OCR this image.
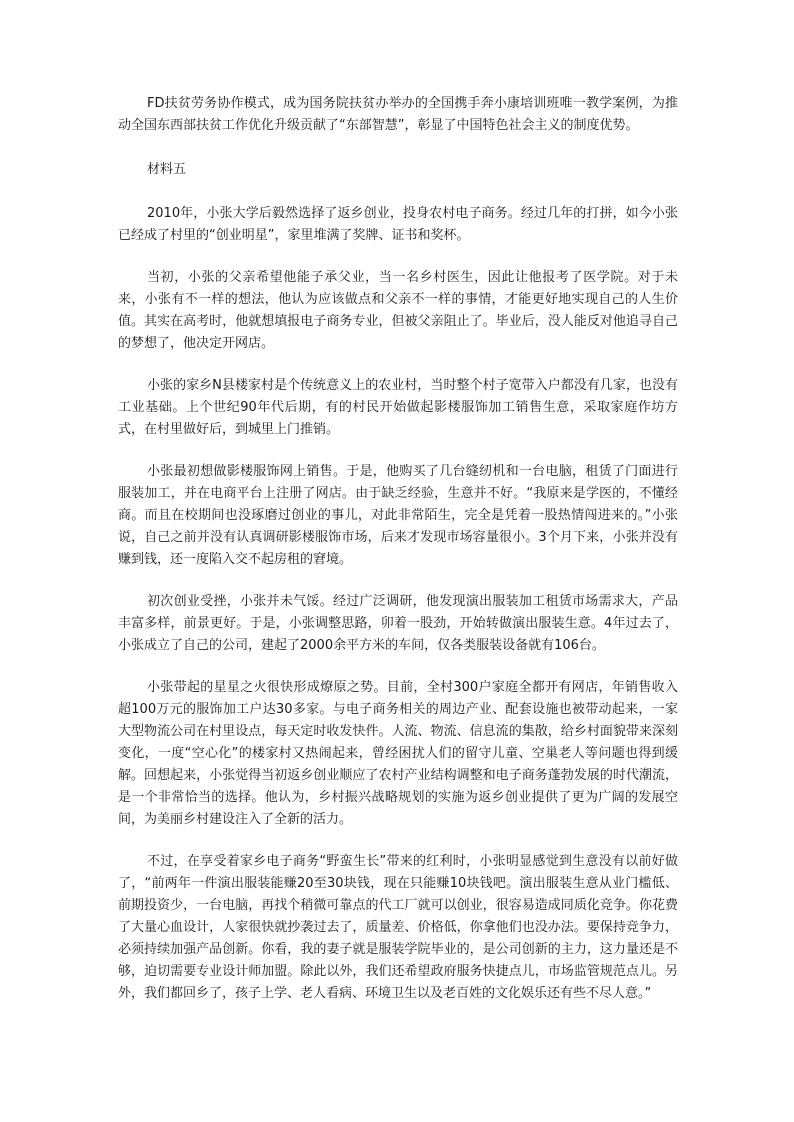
FD扶贫劳务协作模式，成为国务院扶贫办举办的全国携手奔小康培训班唯一教学案例，为推动全国东西部扶贫工作优化升级贡献了“东部智慧”，彰显了中国特色社会主义的制度优势。

材料五

2010年，小张大学后毅然选择了返乡创业，投身农村电子商务。经过几年的打拼，如今小张已经成了村里的“创业明星”，家里堆满了奖牌、证书和奖杯。

当初，小张的父亲希望他能子承父业，当一名乡村医生，因此让他报考了医学院。对于未来，小张有不一样的想法，他认为应该做点和父亲不一样的事情，才能更好地实现自己的人生价值。其实在高考时，他就想填报电子商务专业，但被父亲阻止了。毕业后，没人能反对他追寻自己的梦想了，他决定开网店。

小张的家乡N县楼家村是个传统意义上的农业村，当时整个村子宽带入户都没有几家，也没有工业基础。上个世纪90年代后期，有的村民开始做起影楼服饰加工销售生意，采取家庭作坊方式，在村里做好后，到城里上门推销。

小张最初想做影楼服饰网上销售。于是，他购买了几台缝纫机和一台电脑，租赁了门面进行服装加工，并在电商平台上注册了网店。由于缺乏经验，生意并不好。“我原来是学医的，不懂经商。而且在校期间也没琢磨过创业的事儿，对此非常陌生，完全是凭着一股热情闯进来的。”小张说，自己之前并没有认真调研影楼服饰市场，后来才发现市场容量很小。3个月下来，小张并没有赚到钱，还一度陷入交不起房租的窘境。

初次创业受挫，小张并未气馁。经过广泛调研，他发现演出服装加工租赁市场需求大，产品丰富多样，前景更好。于是，小张调整思路，卯着一股劲，开始转做演出服装生意。4年过去了，小张成立了自己的公司，建起了2000余平方米的车间，仅各类服装设备就有106台。

小张带起的星星之火很快形成燎原之势。目前，全村300户家庭全都开有网店，年销售收入超100万元的服饰加工户达30多家。与电子商务相关的周边产业、配套设施也被带动起来，一家大型物流公司在村里设点，每天定时收发快件。人流、物流、信息流的集散，给乡村面貌带来深刻变化，一度“空心化”的楼家村又热闹起来，曾经困扰人们的留守儿童、空巢老人等问题也得到缓解。回想起来，小张觉得当初返乡创业顺应了农村产业结构调整和电子商务蓬勃发展的时代潮流，是一个非常恰当的选择。他认为，乡村振兴战略规划的实施为返乡创业提供了更为广阔的发展空间，为美丽乡村建设注入了全新的活力。

不过，在享受着家乡电子商务“野蛮生长”带来的红利时，小张明显感觉到生意没有以前好做了，“前两年一件演出服装能赚20至30块钱，现在只能赚10块钱吧。演出服装生意从业门槛低、前期投资少，一台电脑，再找个稍微可靠点的代工厂就可以创业，很容易造成同质化竞争。你花费了大量心血设计，人家很快就抄袭过去了，质量差、价格低，你拿他们也没办法。要保持竞争力，必须持续加强产品创新。你看，我的妻子就是服装学院毕业的，是公司创新的主力，这力量还是不够，迫切需要专业设计师加盟。除此以外，我们还希望政府服务快捷点儿，市场监管规范点儿。另外，我们都回乡了，孩子上学、老人看病、环境卫生以及老百姓的文化娱乐还有些不尽人意。”
